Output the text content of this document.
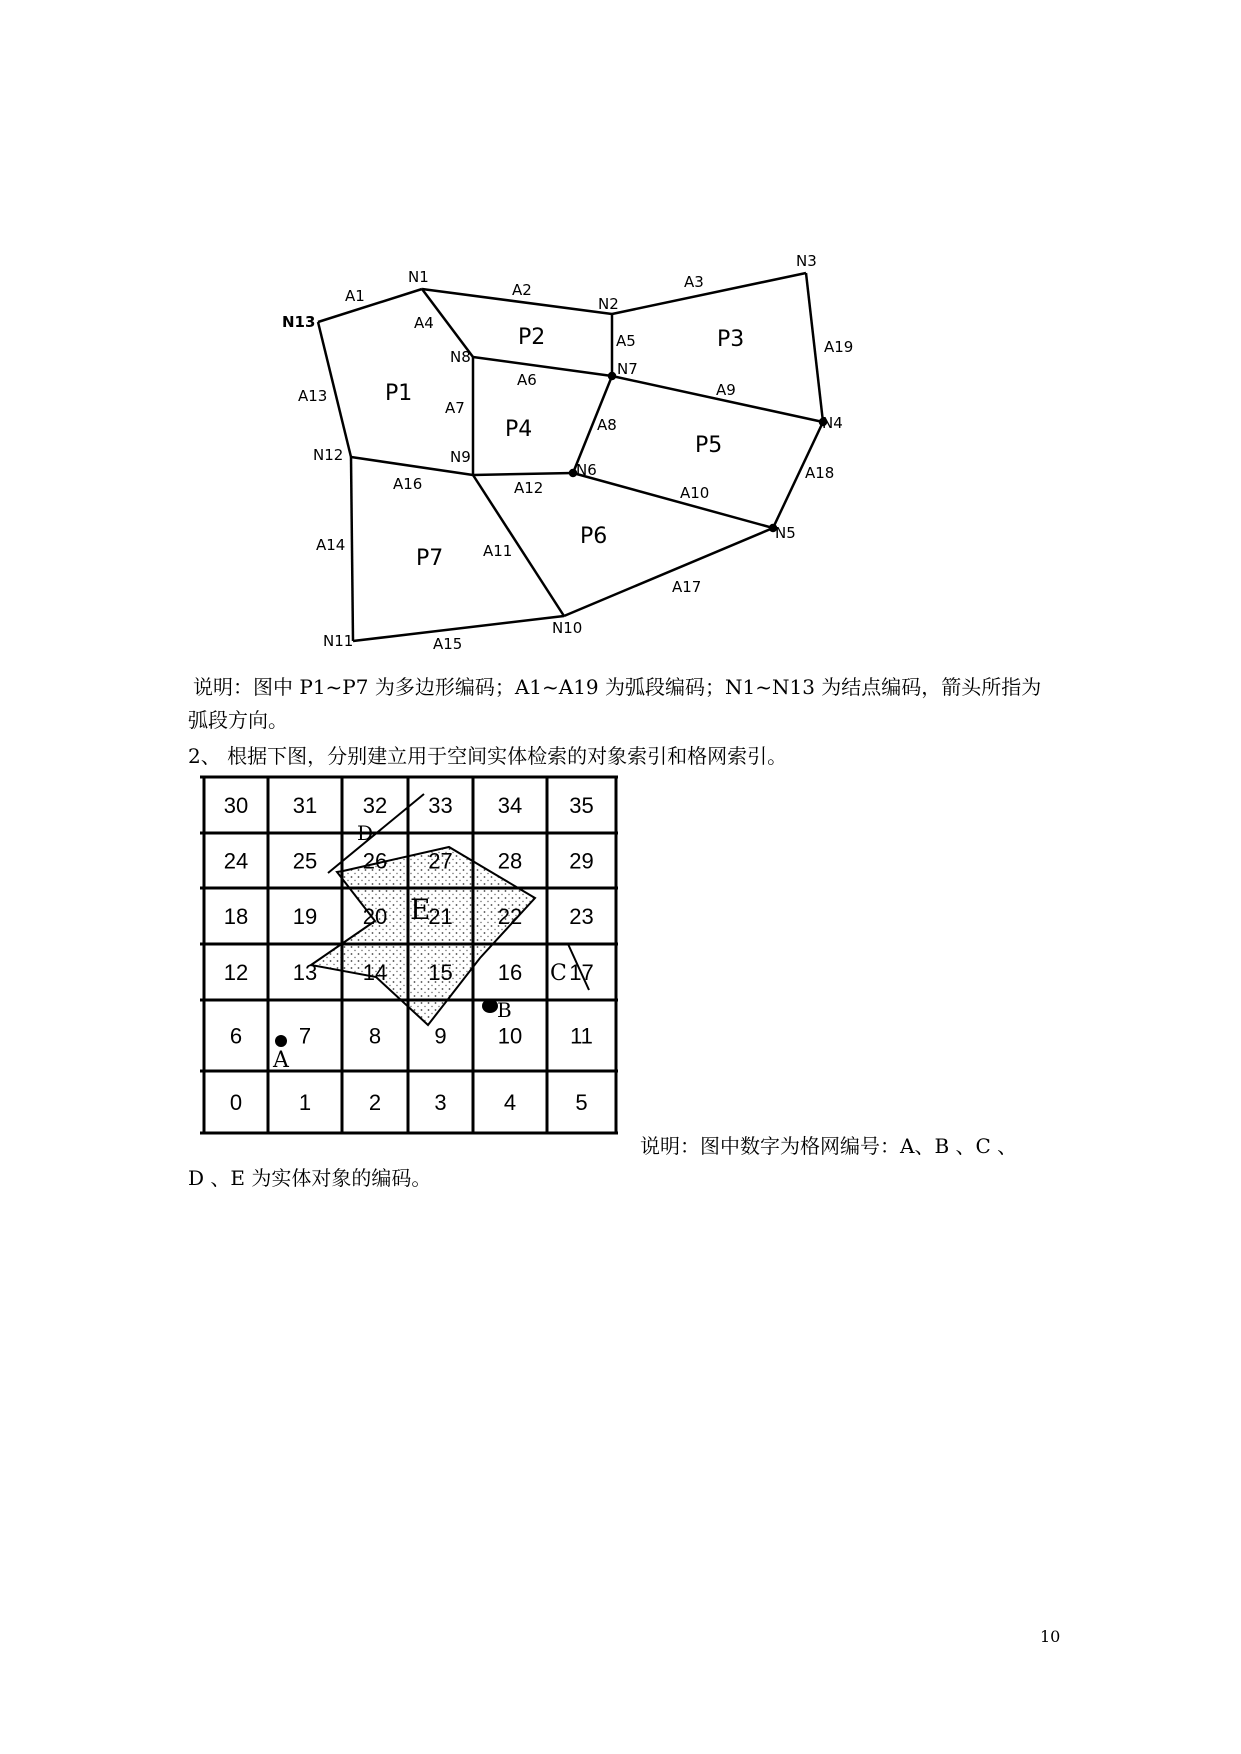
N1
N2
N3
N4
N5
N6
N7
N8
N9
N10
N11
N12
N13
A1	A2	A3
A4
A5
A6
A7
A8
A9
A10
A11
A12
A13
A14
A15
A16
A17
A18
A19
P1
P2	P3
P4
P5
P6
P7
30 31 32 33 34 35
24 25 26 27 28 29
18 19 20 21 22 23
12 13 14 15 16 17
6	7	8 9 10 11
0	1	2 3	4	5
A
B
C
D
E
说明：图中 P1~P7 为多边形编码；A1~A19 为弧段编码；N1~N13 为结点编码，箭头所指为
弧段方向。
2、 根据下图，分别建立用于空间实体检索的对象索引和格网索引。
说明：图中数字为格网编号：A、B 、C 、
D 、E 为实体对象的编码。
10
